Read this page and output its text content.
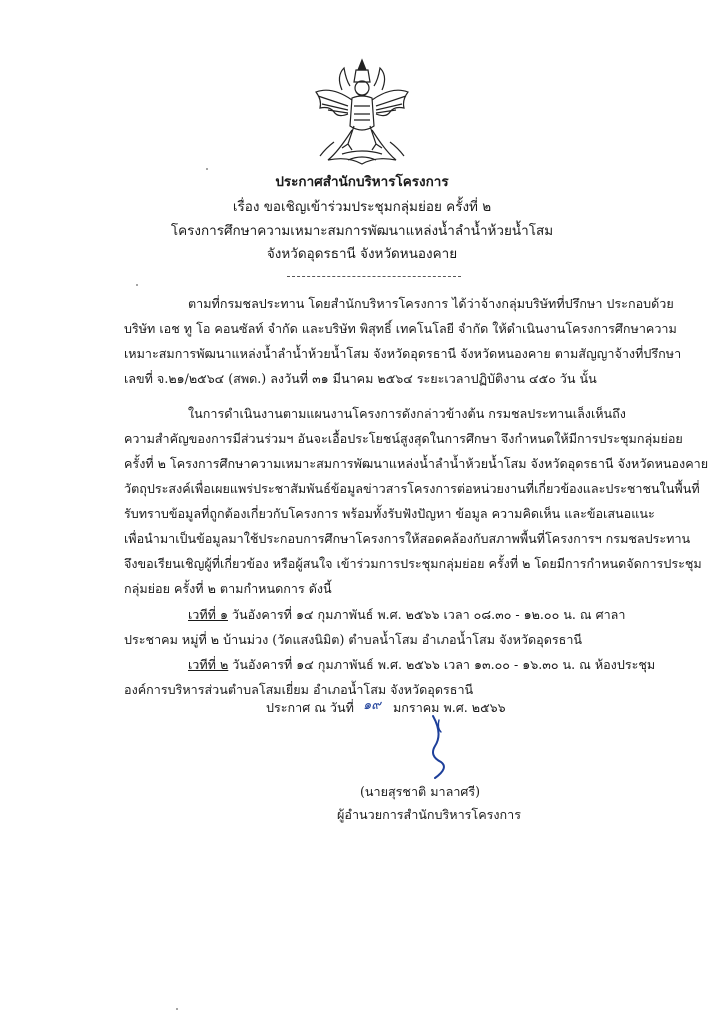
ประกาศสำนักบริหารโครงการ
เรื่อง ขอเชิญเข้าร่วมประชุมกลุ่มย่อย ครั้งที่ ๒
โครงการศึกษาความเหมาะสมการพัฒนาแหล่งน้ำลำน้ำห้วยน้ำโสม
จังหวัดอุดรธานี จังหวัดหนองคาย
ตามที่กรมชลประทาน โดยสำนักบริหารโครงการ ได้ว่าจ้างกลุ่มบริษัทที่ปรึกษา ประกอบด้วย
บริษัท เอช ทู โอ คอนซัลท์ จำกัด และบริษัท พิสุทธิ์ เทคโนโลยี จำกัด ให้ดำเนินงานโครงการศึกษาความ
เหมาะสมการพัฒนาแหล่งน้ำลำน้ำห้วยน้ำโสม จังหวัดอุดรธานี จังหวัดหนองคาย ตามสัญญาจ้างที่ปรึกษา
เลขที่ จ.๒๑/๒๕๖๔ (สพด.) ลงวันที่ ๓๑ มีนาคม ๒๕๖๔ ระยะเวลาปฏิบัติงาน ๔๕๐ วัน นั้น
ในการดำเนินงานตามแผนงานโครงการดังกล่าวข้างต้น กรมชลประทานเล็งเห็นถึง
ความสำคัญของการมีส่วนร่วมฯ อันจะเอื้อประโยชน์สูงสุดในการศึกษา จึงกำหนดให้มีการประชุมกลุ่มย่อย
ครั้งที่ ๒ โครงการศึกษาความเหมาะสมการพัฒนาแหล่งน้ำลำน้ำห้วยน้ำโสม จังหวัดอุดรธานี จังหวัดหนองคาย
วัตถุประสงค์เพื่อเผยแพร่ประชาสัมพันธ์ข้อมูลข่าวสารโครงการต่อหน่วยงานที่เกี่ยวข้องและประชาชนในพื้นที่
รับทราบข้อมูลที่ถูกต้องเกี่ยวกับโครงการ พร้อมทั้งรับฟังปัญหา ข้อมูล ความคิดเห็น และข้อเสนอแนะ
เพื่อนำมาเป็นข้อมูลมาใช้ประกอบการศึกษาโครงการให้สอดคล้องกับสภาพพื้นที่โครงการฯ กรมชลประทาน
จึงขอเรียนเชิญผู้ที่เกี่ยวข้อง หรือผู้สนใจ เข้าร่วมการประชุมกลุ่มย่อย ครั้งที่ ๒ โดยมีการกำหนดจัดการประชุม
กลุ่มย่อย ครั้งที่ ๒ ตามกำหนดการ ดังนี้
เวทีที่ ๑ วันอังคารที่ ๑๔ กุมภาพันธ์ พ.ศ. ๒๕๖๖ เวลา ๐๘.๓๐ - ๑๒.๐๐ น. ณ ศาลา
ประชาคม หมู่ที่ ๒ บ้านม่วง (วัดแสงนิมิต) ตำบลน้ำโสม อำเภอน้ำโสม จังหวัดอุดรธานี
เวทีที่ ๒ วันอังคารที่ ๑๔ กุมภาพันธ์ พ.ศ. ๒๕๖๖ เวลา ๑๓.๐๐ - ๑๖.๓๐ น. ณ ห้องประชุม
องค์การบริหารส่วนตำบลโสมเยี่ยม อำเภอน้ำโสม จังหวัดอุดรธานี
ประกาศ ณ วันที่ ๑๙ มกราคม พ.ศ. ๒๕๖๖
(นายสุรชาติ มาลาศรี)
ผู้อำนวยการสำนักบริหารโครงการ
